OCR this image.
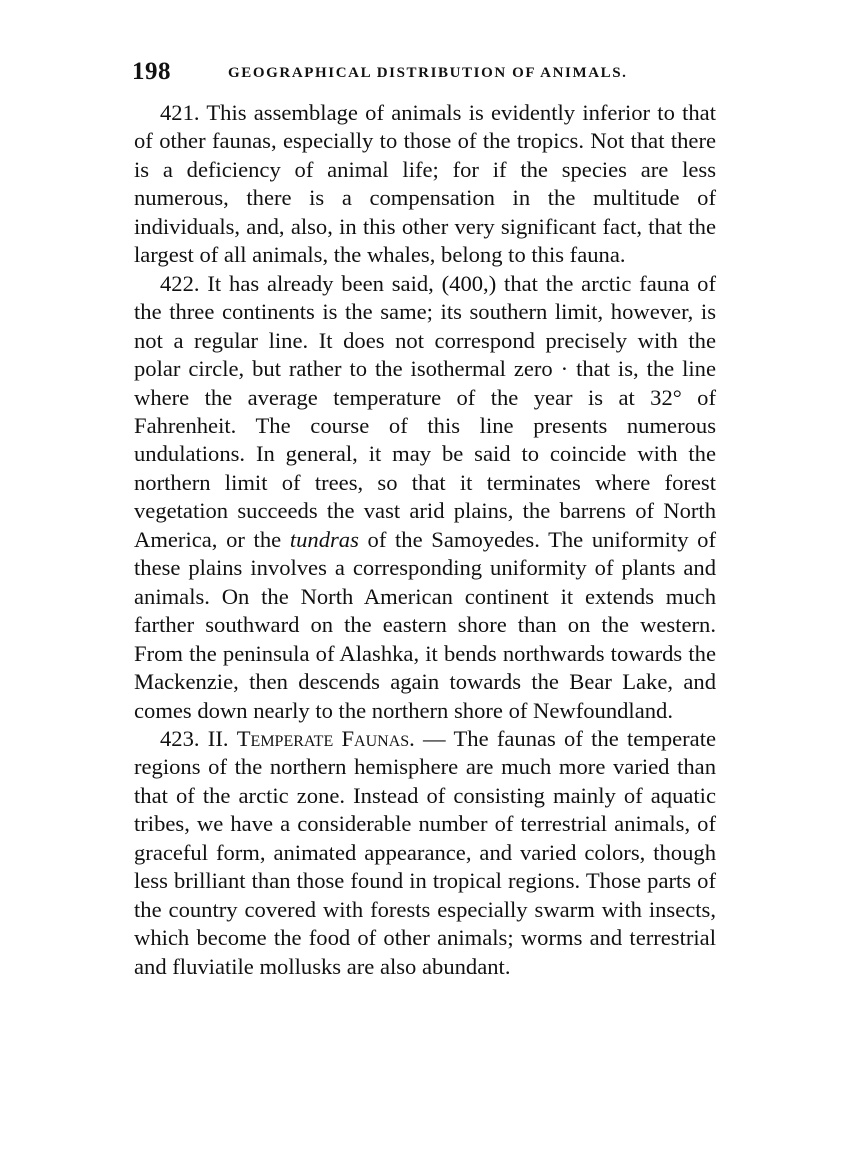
198	GEOGRAPHICAL DISTRIBUTION OF ANIMALS.

421. This assemblage of animals is evidently inferior to that of other faunas, especially to those of the tropics. Not that there is a deficiency of animal life; for if the species are less numerous, there is a compensation in the multitude of individuals, and, also, in this other very significant fact, that the largest of all animals, the whales, belong to this fauna.

422. It has already been said, (400,) that the arctic fauna of the three continents is the same; its southern limit, however, is not a regular line. It does not correspond precisely with the polar circle, but rather to the isothermal zero · that is, the line where the average temperature of the year is at 32° of Fahrenheit. The course of this line presents numerous undulations. In general, it may be said to coincide with the northern limit of trees, so that it terminates where forest vegetation succeeds the vast arid plains, the barrens of North America, or the tundras of the Samoyedes. The uniformity of these plains involves a corresponding uniformity of plants and animals. On the North American continent it extends much farther southward on the eastern shore than on the western. From the peninsula of Alashka, it bends northwards towards the Mackenzie, then descends again towards the Bear Lake, and comes down nearly to the northern shore of Newfoundland.

423. II. Temperate Faunas. — The faunas of the temperate regions of the northern hemisphere are much more varied than that of the arctic zone. Instead of consisting mainly of aquatic tribes, we have a considerable number of terrestrial animals, of graceful form, animated appearance, and varied colors, though less brilliant than those found in tropical regions. Those parts of the country covered with forests especially swarm with insects, which become the food of other animals; worms and terrestrial and fluviatile mollusks are also abundant.
